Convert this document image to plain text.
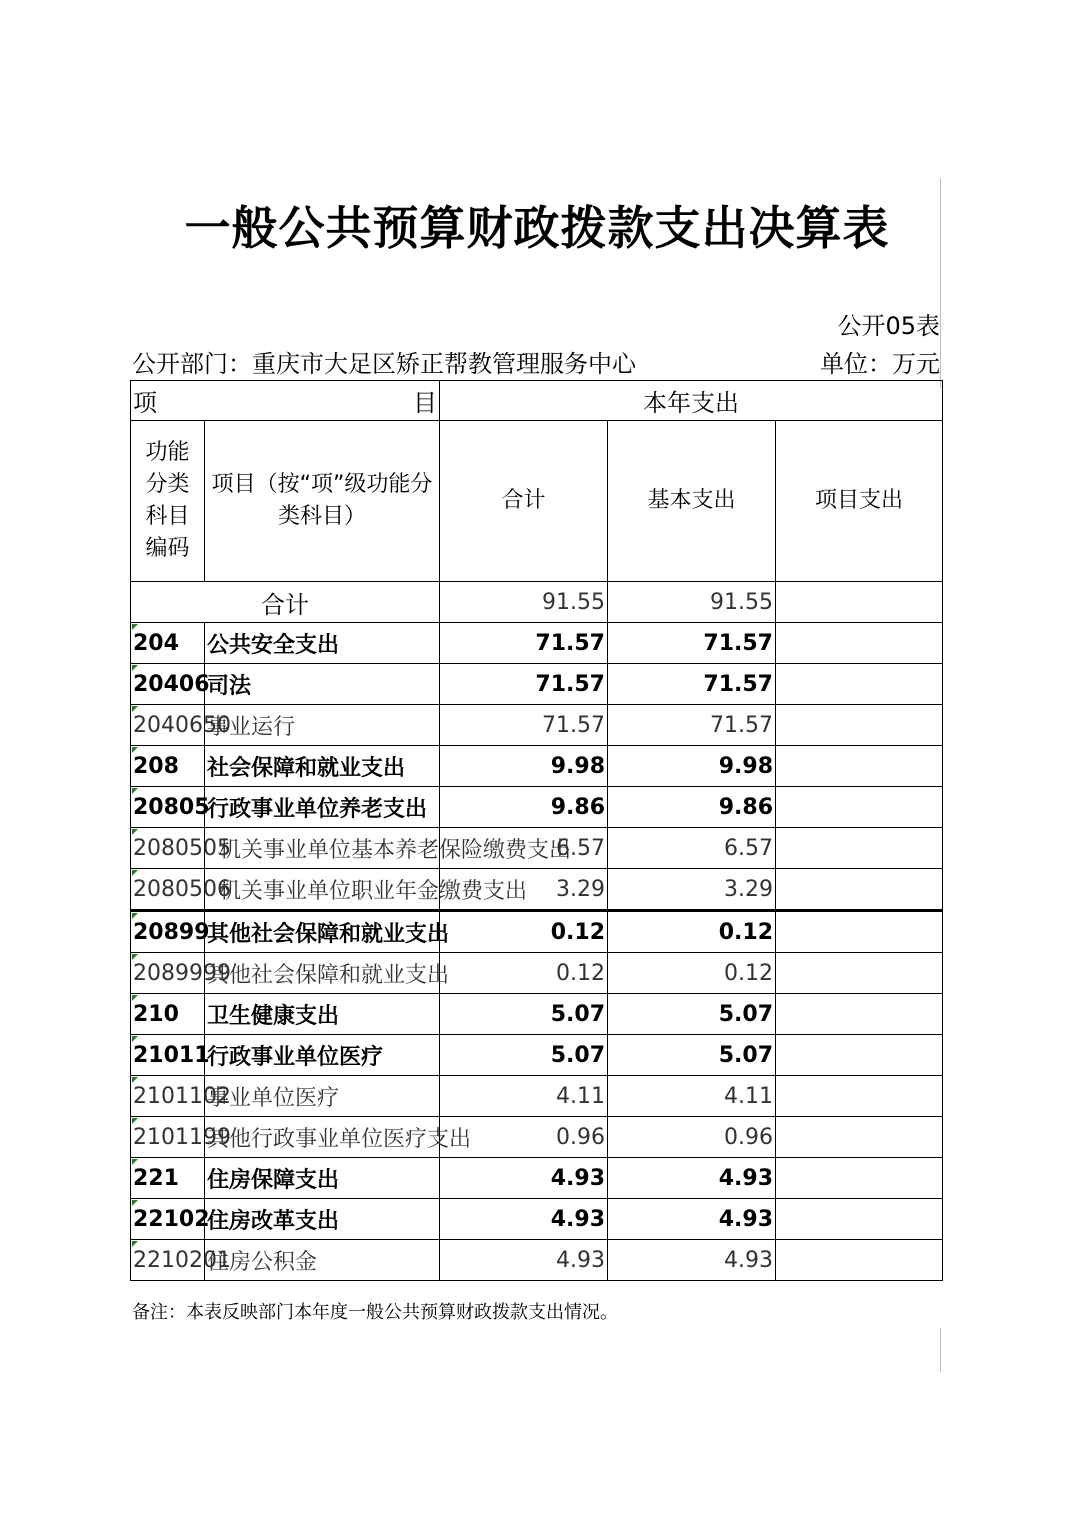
一般公共预算财政拨款支出决算表
公开05表
公开部门：重庆市大足区矫正帮教管理服务中心	单位：万元
项 目		本年支出		
功能分类科目编码	项目（按“项”级功能分类科目）	合计	基本支出	项目支出
合计		91.55	91.55	
204	公共安全支出	71.57	71.57	
20406	司法	71.57	71.57	
2040650	事业运行	71.57	71.57	
208	社会保障和就业支出	9.98	9.98	
20805	行政事业单位养老支出	9.86	9.86	
2080505	机关事业单位基本养老保险缴费支出	6.57	6.57	
2080506	机关事业单位职业年金缴费支出	3.29	3.29	
20899	其他社会保障和就业支出	0.12	0.12	
2089999	其他社会保障和就业支出	0.12	0.12	
210	卫生健康支出	5.07	5.07	
21011	行政事业单位医疗	5.07	5.07	
2101102	事业单位医疗	4.11	4.11	
2101199	其他行政事业单位医疗支出	0.96	0.96	
221	住房保障支出	4.93	4.93	
22102	住房改革支出	4.93	4.93	
2210201	住房公积金	4.93	4.93	
备注：本表反映部门本年度一般公共预算财政拨款支出情况。
